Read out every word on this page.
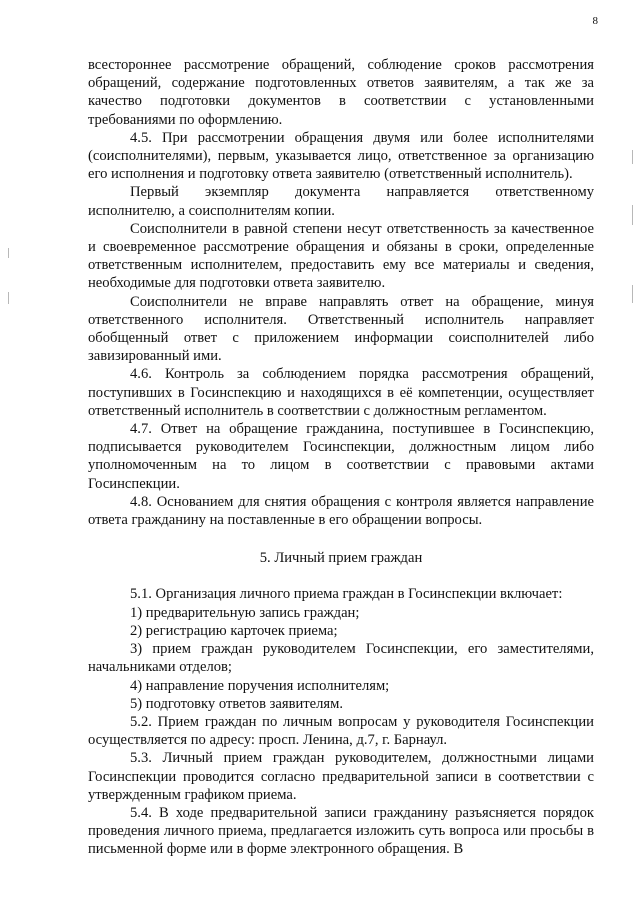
8

всестороннее рассмотрение обращений, соблюдение сроков рассмотрения обращений, содержание подготовленных ответов заявителям, а так же за качество подготовки документов в соответствии с установленными требованиями по оформлению.

4.5. При рассмотрении обращения двумя или более исполнителями (соисполнителями), первым, указывается лицо, ответственное за организацию его исполнения и подготовку ответа заявителю (ответственный исполнитель).

Первый экземпляр документа направляется ответственному исполнителю, а соисполнителям копии.

Соисполнители в равной степени несут ответственность за качественное и своевременное рассмотрение обращения и обязаны в сроки, определенные ответственным исполнителем, предоставить ему все материалы и сведения, необходимые для подготовки ответа заявителю.

Соисполнители не вправе направлять ответ на обращение, минуя ответственного исполнителя. Ответственный исполнитель направляет обобщенный ответ с приложением информации соисполнителей либо завизированный ими.

4.6. Контроль за соблюдением порядка рассмотрения обращений, поступивших в Госинспекцию и находящихся в её компетенции, осуществляет ответственный исполнитель в соответствии с должностным регламентом.

4.7. Ответ на обращение гражданина, поступившее в Госинспекцию, подписывается руководителем Госинспекции, должностным лицом либо уполномоченным на то лицом в соответствии с правовыми актами Госинспекции.

4.8. Основанием для снятия обращения с контроля является направление ответа гражданину на поставленные в его обращении вопросы.

5. Личный прием граждан

5.1. Организация личного приема граждан в Госинспекции включает:

1) предварительную запись граждан;

2) регистрацию карточек приема;

3) прием граждан руководителем Госинспекции, его заместителями, начальниками отделов;

4) направление поручения исполнителям;

5) подготовку ответов заявителям.

5.2. Прием граждан по личным вопросам у руководителя Госинспекции осуществляется по адресу: просп. Ленина, д.7, г. Барнаул.

5.3. Личный прием граждан руководителем, должностными лицами Госинспекции проводится согласно предварительной записи в соответствии с утвержденным графиком приема.

5.4. В ходе предварительной записи гражданину разъясняется порядок проведения личного приема, предлагается изложить суть вопроса или просьбы в письменной форме или в форме электронного обращения. В
